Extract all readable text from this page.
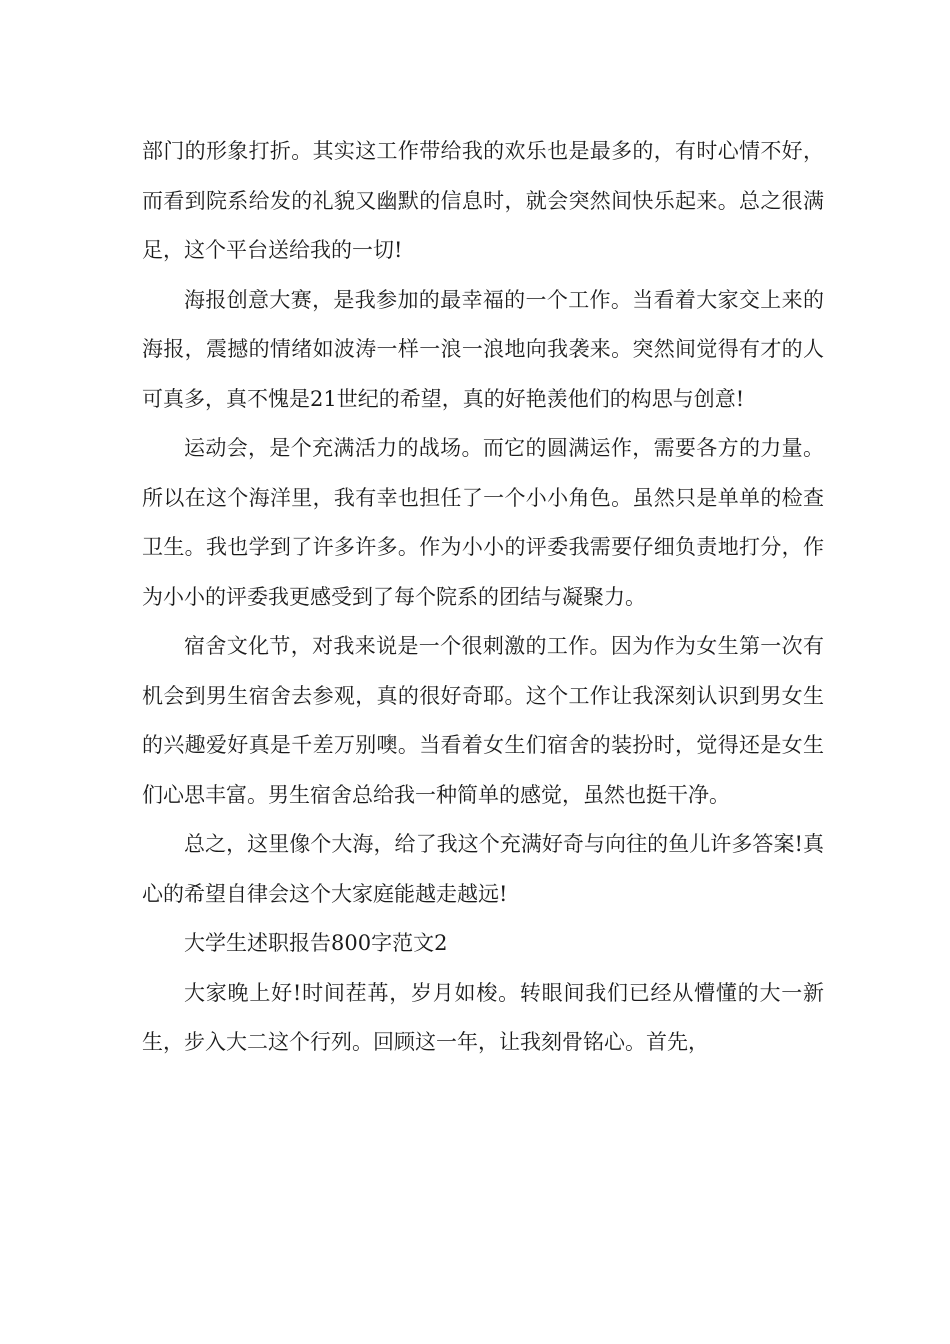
部门的形象打折。其实这工作带给我的欢乐也是最多的，有时心情不好，而看到院系给发的礼貌又幽默的信息时，就会突然间快乐起来。总之很满足，这个平台送给我的一切!

海报创意大赛，是我参加的最幸福的一个工作。当看着大家交上来的海报，震撼的情绪如波涛一样一浪一浪地向我袭来。突然间觉得有才的人可真多，真不愧是21世纪的希望，真的好艳羡他们的构思与创意!

运动会，是个充满活力的战场。而它的圆满运作，需要各方的力量。所以在这个海洋里，我有幸也担任了一个小小角色。虽然只是单单的检查卫生。我也学到了许多许多。作为小小的评委我需要仔细负责地打分，作为小小的评委我更感受到了每个院系的团结与凝聚力。

宿舍文化节，对我来说是一个很刺激的工作。因为作为女生第一次有机会到男生宿舍去参观，真的很好奇耶。这个工作让我深刻认识到男女生的兴趣爱好真是千差万别噢。当看着女生们宿舍的装扮时，觉得还是女生们心思丰富。男生宿舍总给我一种简单的感觉，虽然也挺干净。

总之，这里像个大海，给了我这个充满好奇与向往的鱼儿许多答案!真心的希望自律会这个大家庭能越走越远!

大学生述职报告800字范文2

大家晚上好!时间茬苒，岁月如梭。转眼间我们已经从懵懂的大一新生，步入大二这个行列。回顾这一年，让我刻骨铭心。首先，
